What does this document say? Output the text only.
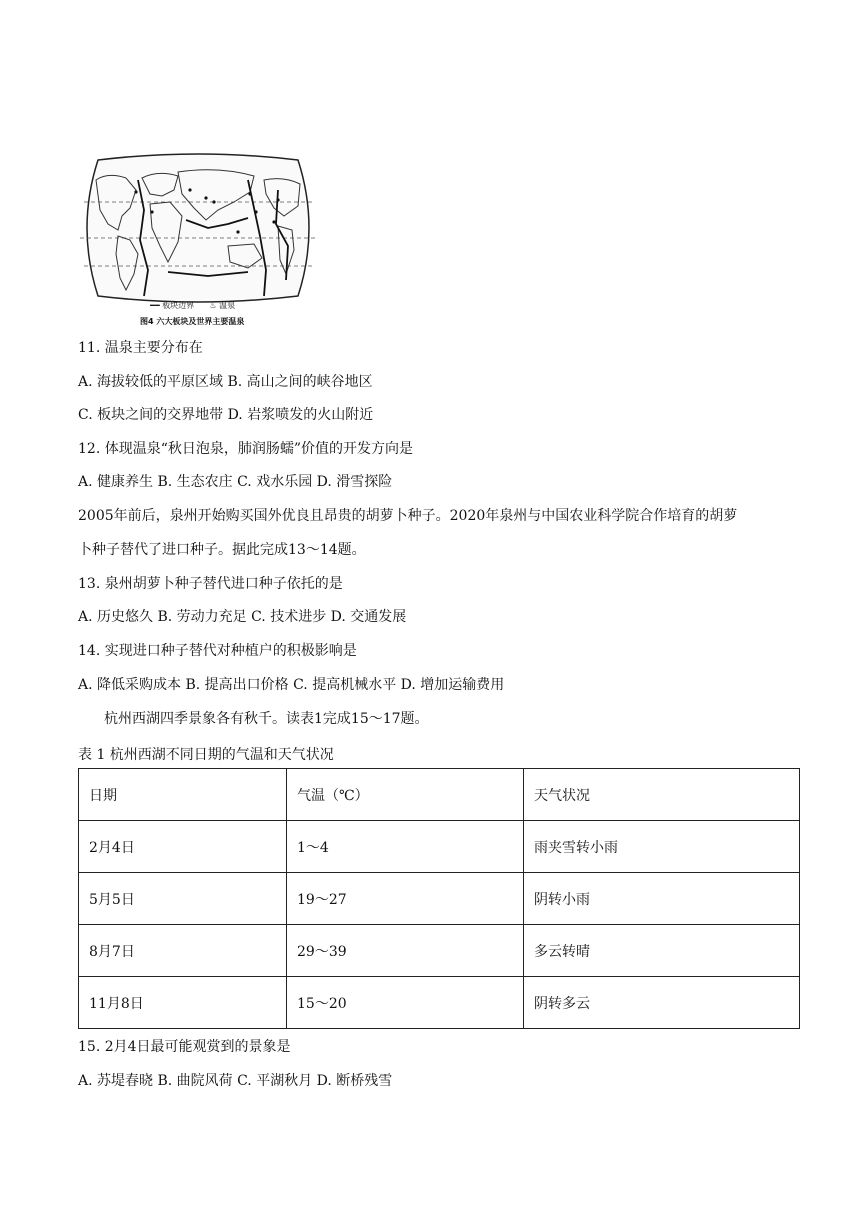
━━ 板块边界 ♨ 温泉
图4 六大板块及世界主要温泉
11. 温泉主要分布在
A. 海拔较低的平原区域 B. 高山之间的峡谷地区
C. 板块之间的交界地带 D. 岩浆喷发的火山附近
12. 体现温泉“秋日泡泉，肺润肠蠕”价值的开发方向是
A. 健康养生 B. 生态农庄 C. 戏水乐园 D. 滑雪探险
2005年前后，泉州开始购买国外优良且昂贵的胡萝卜种子。2020年泉州与中国农业科学院合作培育的胡萝
卜种子替代了进口种子。据此完成13～14题。
A. 历史悠久 B. 劳动力充足 C. 技术进步 D. 交通发展
13. 泉州胡萝卜种子替代进口种子依托的是
14. 实现进口种子替代对种植户的积极影响是
A. 降低采购成本 B. 提高出口价格 C. 提高机械水平 D. 增加运输费用
杭州西湖四季景象各有秋千。读表1完成15～17题。
表 1 杭州西湖不同日期的气温和天气状况
日期	气温（℃）	天气状况
2月4日	1～4	雨夹雪转小雨
5月5日	19～27	阴转小雨
8月7日	29～39	多云转晴
11月8日	15～20	阴转多云
15. 2月4日最可能观赏到的景象是
A. 苏堤春晓 B. 曲院风荷 C. 平湖秋月 D. 断桥残雪
